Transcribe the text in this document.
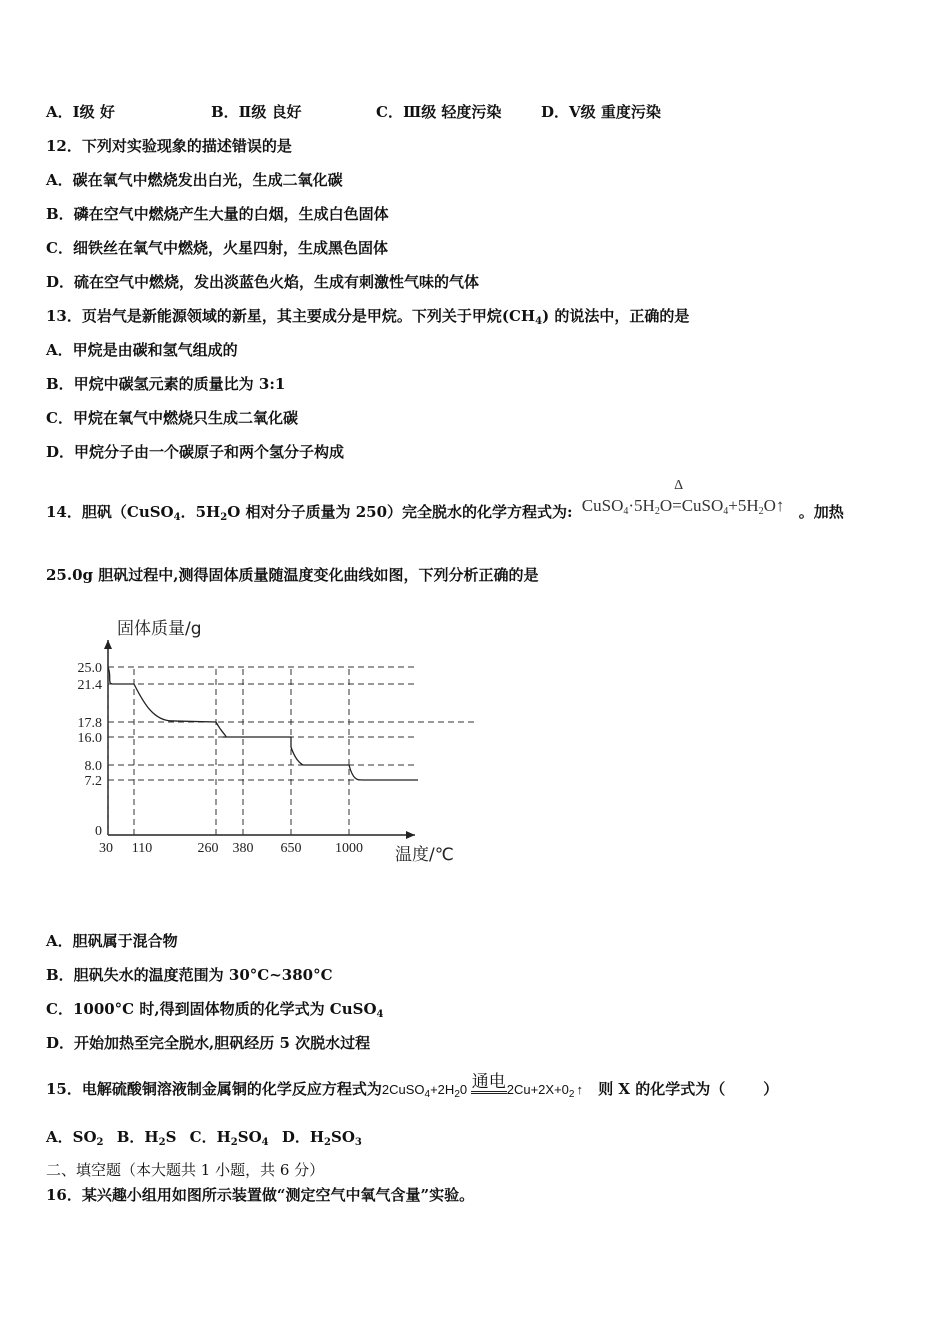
A．Ⅰ级 好	B．Ⅱ级 良好	C．Ⅲ级 轻度污染	D．Ⅴ级 重度污染
12．下列对实验现象的描述错误的是
A．碳在氧气中燃烧发出白光，生成二氧化碳
B．磷在空气中燃烧产生大量的白烟，生成白色固体
C．细铁丝在氧气中燃烧，火星四射，生成黑色固体
D．硫在空气中燃烧，发出淡蓝色火焰，生成有刺激性气味的气体
13．页岩气是新能源领域的新星，其主要成分是甲烷。下列关于甲烷$(CH_4)$ 的说法中，正确的是
A．甲烷是由碳和氢气组成的
B．甲烷中碳氢元素的质量比为 3:1
C．甲烷在氧气中燃烧只生成二氧化碳
D．甲烷分子由一个碳原子和两个氢分子构成
14．胆矾（CuSO$_4$．$5H_2O$ 相对分子质量为 250）完全脱水的化学方程式为: $CuSO_4\cdot 5H_2O$
Δ
$=CuSO_4+5H_2O↑$ 。加热
25.0g 胆矾过程中,测得固体质量随温度变化曲线如图，下列分析正确的是
25.0
21.4
17.8
16.0
8.0
7.2
0
30 110	260 380 650 1000
固体质量/g
温度/℃
A．胆矾属于混合物
B．胆矾失水的温度范围为 30°C~380°C
C．1000°C 时,得到固体物质的化学式为 CuSO$_4$
D．开始加热至完全脱水,胆矾经历 5 次脱水过程
15．电解硫酸铜溶液制金属铜的化学反应方程式为$2CuSO_4+2H_20$ 通电$2Cu+2X+0_2$ ↑ 则 X 的化学式为（	）
A．$SO_2$ B．$H_2S$ C．$H_2SO_4$ D．$H_2SO_3$
二、填空题（本大题共 1 小题，共 6 分）
16．某兴趣小组用如图所示装置做“测定空气中氧气含量”实验。
